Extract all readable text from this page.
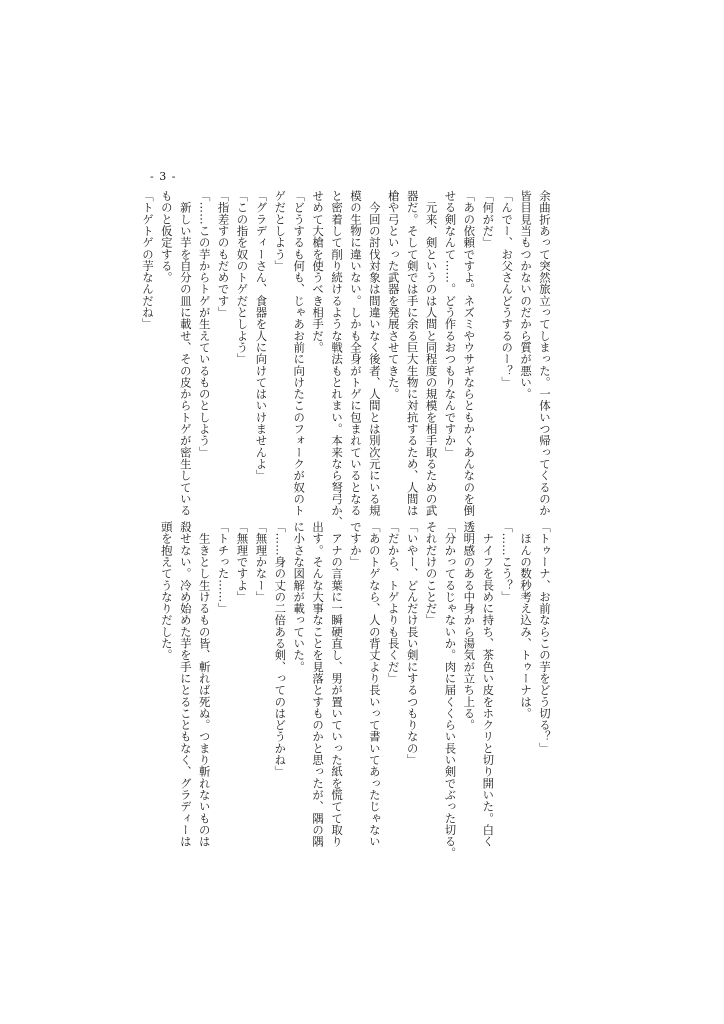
- 3 -
余曲折あって突然旅立ってしまった。一体いつ帰ってくるのか
皆目見当もつかないのだから質が悪い。
「んでー、お父さんどうするのー？」
「何がだ」
「あの依頼ですよ。ネズミやウサギならともかくあんなのを倒
せる剣なんて……。どう作るおつもりなんですか」
　元来、剣というのは人間と同程度の規模を相手取るための武
器だ。そして剣では手に余る巨大生物に対抗するため、人間は
槍や弓といった武器を発展させてきた。
　今回の討伐対象は間違いなく後者、人間とは別次元にいる規
模の生物に違いない。しかも全身がトゲに包まれているとなる
と密着して削り続けるような戦法もとれまい。本来なら弩弓か、
せめて大槍を使うべき相手だ。
「どうするも何も、じゃあお前に向けたこのフォークが奴のト
ゲだとしよう」
「グラディーさん、食器を人に向けてはいけませんよ」
「この指を奴のトゲだとしよう」
「指差すのもだめです」
「……この芋からトゲが生えているものとしよう」
　新しい芋を自分の皿に載せ、その皮からトゲが密生している
ものと仮定する。
「トゲトゲの芋なんだね」
「トゥーナ、お前ならこの芋をどう切る？」
　ほんの数秒考え込み、トゥーナは。
「……こう？」
　ナイフを長めに持ち、茶色い皮をホクリと切り開いた。白く
透明感のある中身から湯気が立ち上る。
「分かってるじゃないか。肉に届くくらい長い剣でぶった切る。
それだけのことだ」
「いやー、どんだけ長い剣にするつもりなの」
「だから、トゲよりも長くだ」
「あのトゲなら、人の背丈より長いって書いてあったじゃない
ですか」
　アナの言葉に一瞬硬直し、男が置いていった紙を慌てて取り
出す。そんな大事なことを見落とすものかと思ったが、隅の隅
に小さな図解が載っていた。
「……身の丈の二倍ある剣、ってのはどうかね」
「無理かなー」
「無理ですよ」
「トチった……」
　生きとし生けるもの皆、斬れば死ぬ。つまり斬れないものは
殺せない。冷め始めた芋を手にとることもなく、グラディーは
頭を抱えてうなりだした。
